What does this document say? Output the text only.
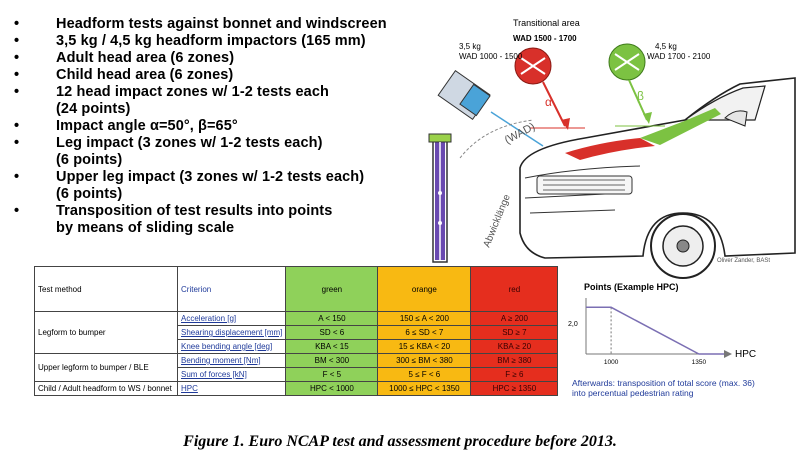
• Headform tests against bonnet and windscreen
• 3,5 kg / 4,5 kg headform impactors (165 mm)
• Adult head area (6 zones)
• Child head area (6 zones)
• 12 head impact zones w/ 1-2 tests each
(24 points)
• Impact angle α=50°, β=65°
• Leg impact (3 zones w/ 1-2 tests each)
(6 points)
• Upper leg impact (3 zones w/ 1-2 tests each)
(6 points)
• Transposition of test results into points
by means of sliding scale
Transitional area
WAD 1500 - 1700
3,5 kg
WAD 1000 - 1500
4,5 kg
WAD 1700 - 2100
α	β
(WAD)
Abwicklänge
Oliver Zander, BASt
Test method	Criterion	green	orange	red
Legform to bumper	Acceleration [g]	A < 150	150 ≤ A < 200	A ≥ 200
	Shearing displacement [mm]	SD < 6	6 ≤ SD < 7	SD ≥ 7
	Knee bending angle [deg]	KBA < 15	15 ≤ KBA < 20	KBA ≥ 20
Upper legform to bumper / BLE	Bending moment [Nm]	BM < 300	300 ≤ BM < 380	BM ≥ 380
	Sum of forces [kN]	F < 5	5 ≤ F < 6	F ≥ 6
Child / Adult headform to WS / bonnet	HPC	HPC < 1000	1000 ≤ HPC < 1350	HPC ≥ 1350
Points (Example HPC)
HPC
2,0
1000	1350
Afterwards: transposition of total score (max. 36) into percentual pedestrian rating
Figure 1. Euro NCAP test and assessment procedure before 2013.
